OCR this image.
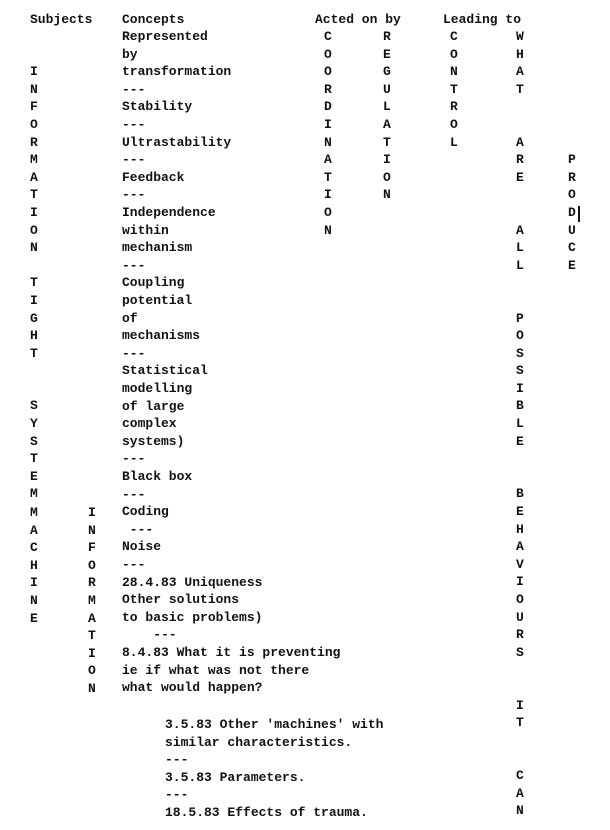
Subjects Concepts	Acted on by	Leading to
Represented
by
transformation
---
Stability
---
Ultrastability
---
Feedback
---
Independence
within
mechanism
---
Coupling
potential
of
mechanisms
---
Statistical
modelling
of large
complex
systems)
---
Black box
---
Coding
---
Noise
---
28.4.83 Uniqueness
Other solutions
to basic problems)
---
8.4.83 What it is preventing
ie if what was not there
what would happen?
3.5.83 Other 'machines' with
similar characteristics.
---
3.5.83 Parameters.
---
18.5.83 Effects of trauma.
I
N
F
O
R
M
A
T
I
O
N

T
I
G
H
T

S
Y
S
T
E
M
M
A
C
H
I
N
E
I
N
F
O
R
M
A
T
I
O
N
C
O
O
R
D
I
N
A
T
I
O
N
R
E
G
U
L
A
T
I
O
N
C
O
N
T
R
O
L
W
H
A
T

A
R
E

A
L
L

P
O
S
S
I
B
L
E

B
E
H
A
V
I
O
U
R
S

I
T

C
A
N
P
R
O
D
U
C
E
